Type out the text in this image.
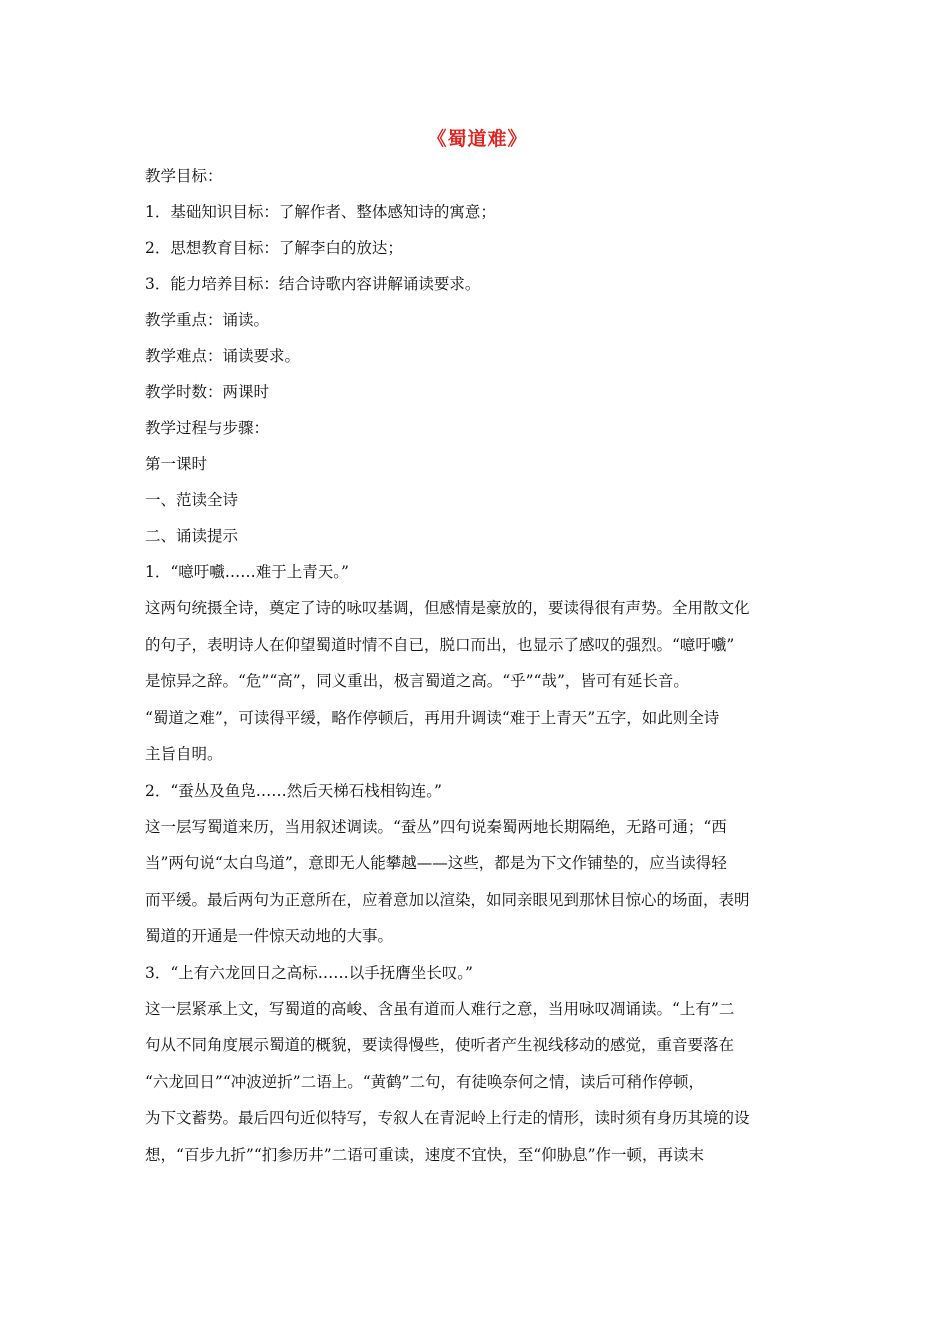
《蜀道难》
教学目标：
1．基础知识目标：了解作者、整体感知诗的寓意；
2．思想教育目标：了解李白的放达；
3．能力培养目标：结合诗歌内容讲解诵读要求。
教学重点：诵读。
教学难点：诵读要求。
教学时数：两课时
教学过程与步骤：
第一课时
一、范读全诗
二、诵读提示
1．“噫吁嚱……难于上青天。”
这两句统摄全诗，奠定了诗的咏叹基调，但感情是豪放的，要读得很有声势。全用散文化
的句子，表明诗人在仰望蜀道时情不自已，脱口而出，也显示了感叹的强烈。“噫吁嚱”
是惊异之辞。“危”“高”，同义重出，极言蜀道之高。“乎”“哉”，皆可有延长音。
“蜀道之难”，可读得平缓，略作停顿后，再用升调读“难于上青天”五字，如此则全诗
主旨自明。
2．“蚕丛及鱼凫……然后天梯石栈相钩连。”
这一层写蜀道来历，当用叙述调读。“蚕丛”四句说秦蜀两地长期隔绝，无路可通；“西
当”两句说“太白鸟道”，意即无人能攀越——这些，都是为下文作铺垫的，应当读得轻
而平缓。最后两句为正意所在，应着意加以渲染，如同亲眼见到那怵目惊心的场面，表明
蜀道的开通是一件惊天动地的大事。
3．“上有六龙回日之高标……以手抚膺坐长叹。”
这一层紧承上文，写蜀道的高峻、含虽有道而人难行之意，当用咏叹凋诵读。“上有”二
句从不同角度展示蜀道的概貌，要读得慢些，使听者产生视线移动的感觉，重音要落在
“六龙回日”“冲波逆折”二语上。“黄鹤”二句，有徒唤奈何之情，读后可稍作停顿，
为下文蓄势。最后四句近似特写，专叙人在青泥岭上行走的情形，读时须有身历其境的设
想，“百步九折”“扪参历井”二语可重读，速度不宜快，至“仰胁息”作一顿，再读末
